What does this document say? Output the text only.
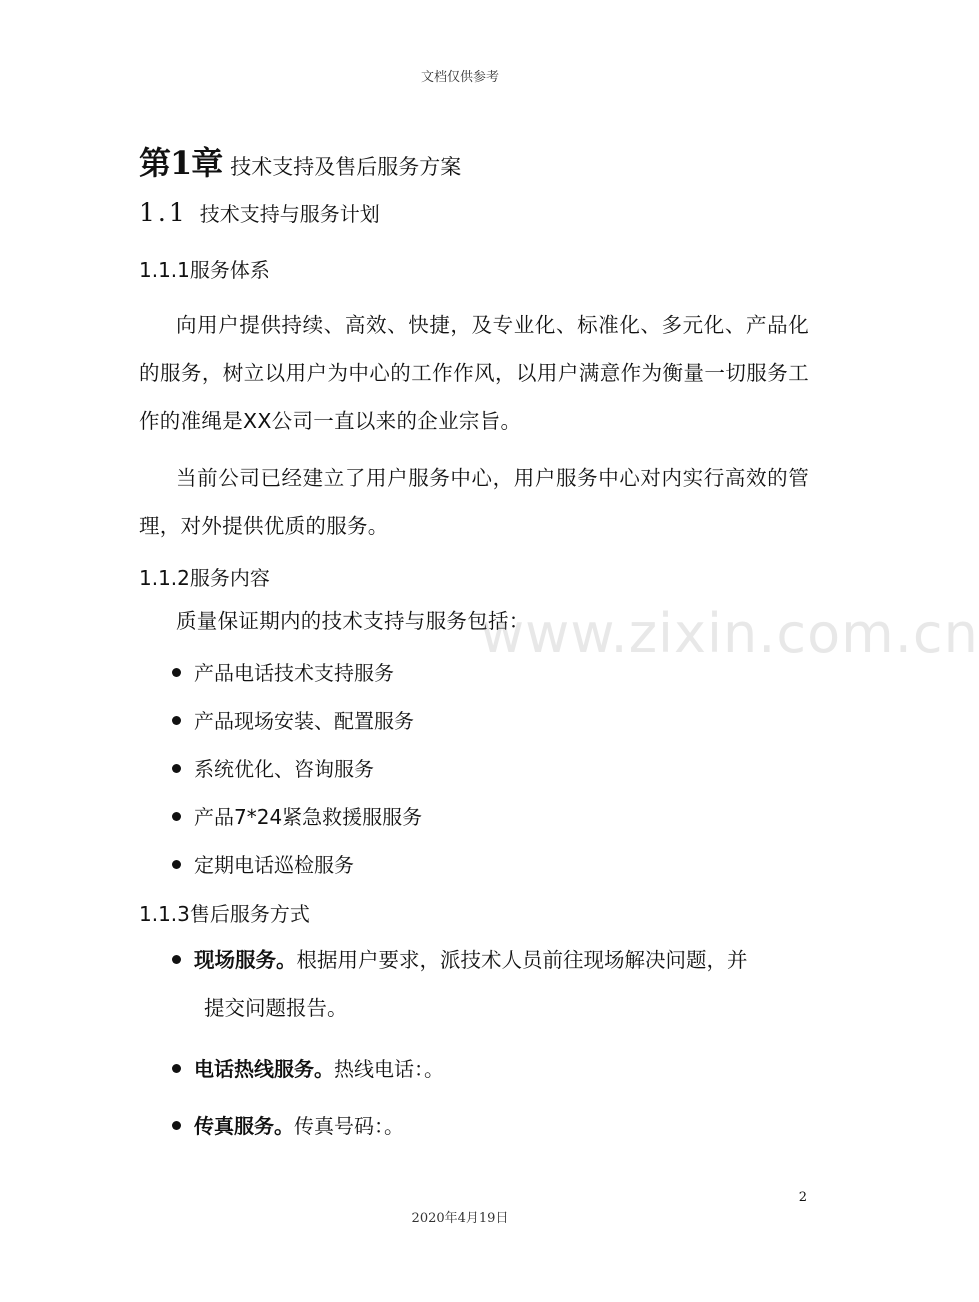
文档仅供参考
第1章 技术支持及售后服务方案
1.1 技术支持与服务计划
1.1.1服务体系
向用户提供持续、高效、快捷，及专业化、标准化、多元化、产品化的服务，树立以用户为中心的工作作风，以用户满意作为衡量一切服务工作的准绳是XX公司一直以来的企业宗旨。
当前公司已经建立了用户服务中心，用户服务中心对内实行高效的管理，对外提供优质的服务。
1.1.2服务内容
质量保证期内的技术支持与服务包括：
www.zixin.com.cn
产品电话技术支持服务
产品现场安装、配置服务
系统优化、咨询服务
产品7*24紧急救援服服务
定期电话巡检服务
1.1.3售后服务方式
现场服务。根据用户要求，派技术人员前往现场解决问题，并
提交问题报告。
电话热线服务。热线电话：。
传真服务。传真号码：。
2
2020年4月19日
